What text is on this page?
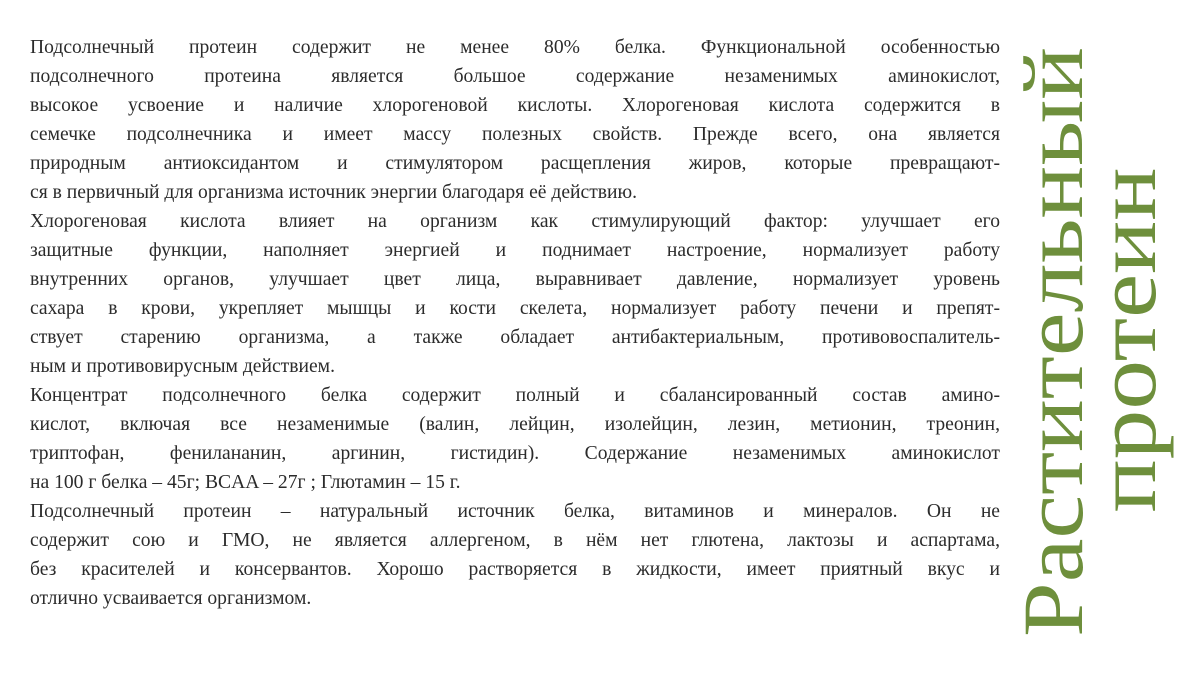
Подсолнечный протеин содержит не менее 80% белка. Функциональной особенностью
подсолнечного протеина является большое содержание незаменимых аминокислот,
высокое усвоение и наличие хлорогеновой кислоты. Хлорогеновая кислота содержится в
семечке подсолнечника и имеет массу полезных свойств. Прежде всего, она является
природным антиоксидантом и стимулятором расщепления жиров, которые превращают-
ся в первичный для организма источник энергии благодаря её действию.

Хлорогеновая кислота влияет на организм как стимулирующий фактор: улучшает его
защитные функции, наполняет энергией и поднимает настроение, нормализует работу
внутренних органов, улучшает цвет лица, выравнивает давление, нормализует уровень
сахара в крови, укрепляет мышцы и кости скелета, нормализует работу печени и препят-
ствует старению организма, а также обладает антибактериальным, противовоспалитель-
ным и противовирусным действием.

Концентрат подсолнечного белка содержит полный и сбалансированный состав амино-
кислот, включая все незаменимые (валин, лейцин, изолейцин, лезин, метионин, треонин,
триптофан, фенилананин, аргинин, гистидин). Содержание незаменимых аминокислот
на 100 г белка – 45г; BCAA – 27г ; Глютамин – 15 г.

Подсолнечный протеин – натуральный источник белка, витаминов и минералов. Он не
содержит сою и ГМО, не является аллергеном, в нём нет глютена, лактозы и аспартама,
без красителей и консервантов. Хорошо растворяется в жидкости, имеет приятный вкус и
отлично усваивается организмом.	Растительный
протеин
